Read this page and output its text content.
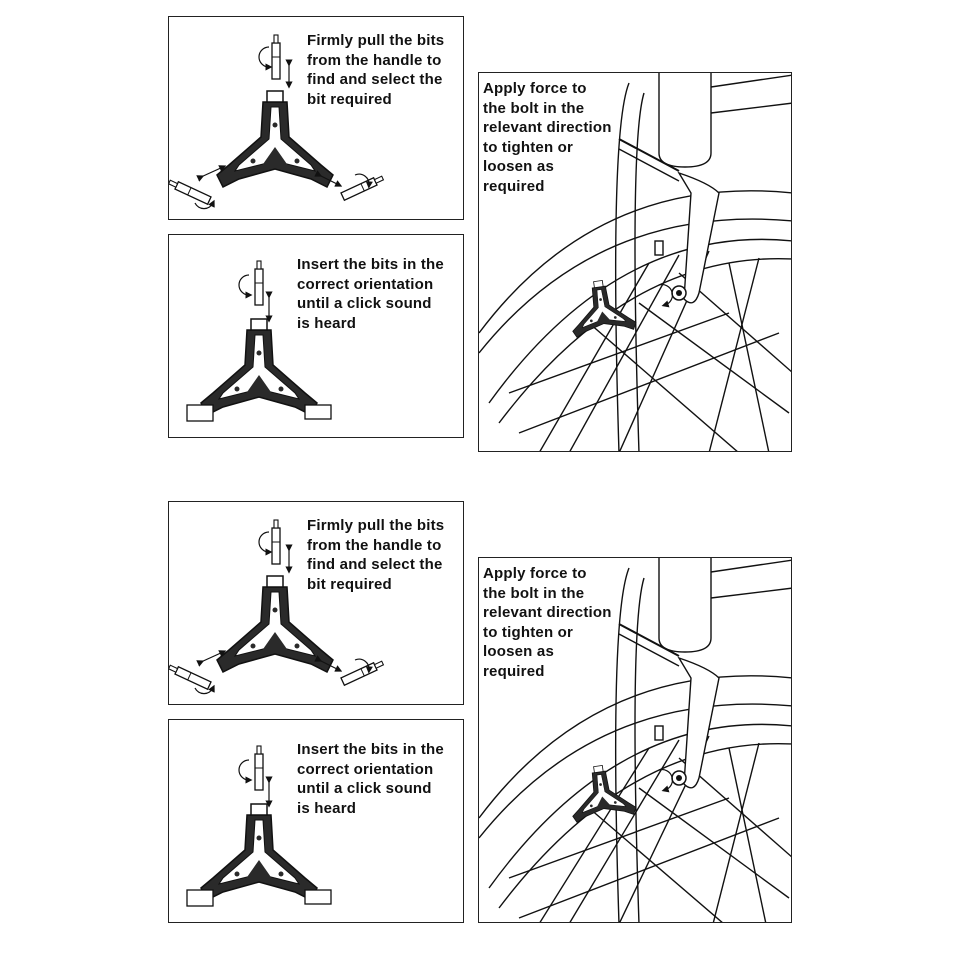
Firmly pull the bits
from the handle to
find and select the
bit required
Insert the bits in the
correct orientation
until a click sound
is heard
Apply force to
the bolt in the
relevant direction
to tighten or
loosen as
required
Firmly pull the bits
from the handle to
find and select the
bit required
Insert the bits in the
correct orientation
until a click sound
is heard
Apply force to
the bolt in the
relevant direction
to tighten or
loosen as
required
